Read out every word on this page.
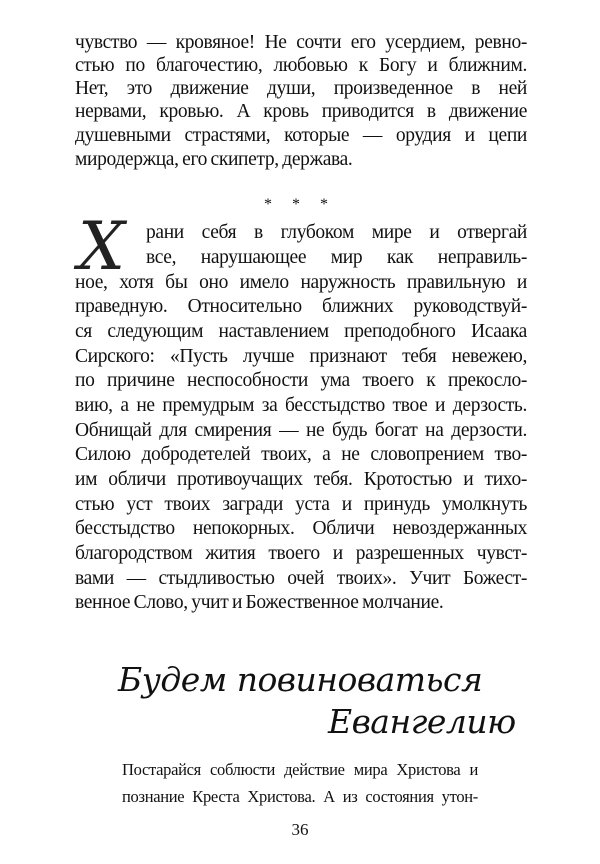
чувство — кровяное! Не сочти его усердием, ревно-
стью по благочестию, любовью к Богу и ближним.
Нет, это движение души, произведенное в ней
нервами, кровью. А кровь приводится в движение
душевными страстями, которые — орудия и цепи
миродержца, его скипетр, держава.
* * *
Х рани себя в глубоком мире и отвергай
все, нарушающее мир как неправиль-
ное, хотя бы оно имело наружность правильную и
праведную. Относительно ближних руководствуй-
ся следующим наставлением преподобного Исаака
Сирского: «Пусть лучше признают тебя невежею,
по причине неспособности ума твоего к прекосло-
вию, а не премудрым за бесстыдство твое и дерзость.
Обнищай для смирения — не будь богат на дерзости.
Силою добродетелей твоих, а не словопрением тво-
им обличи противоучащих тебя. Кротостью и тихо-
стью уст твоих загради уста и принудь умолкнуть
бесстыдство непокорных. Обличи невоздержанных
благородством жития твоего и разрешенных чувст-
вами — стыдливостью очей твоих». Учит Божест-
венное Слово, учит и Божественное молчание.
Будем повиноваться
Евангелию
Постарайся соблюсти действие мира Христова и
познание Креста Христова. А из состояния утон-
36
